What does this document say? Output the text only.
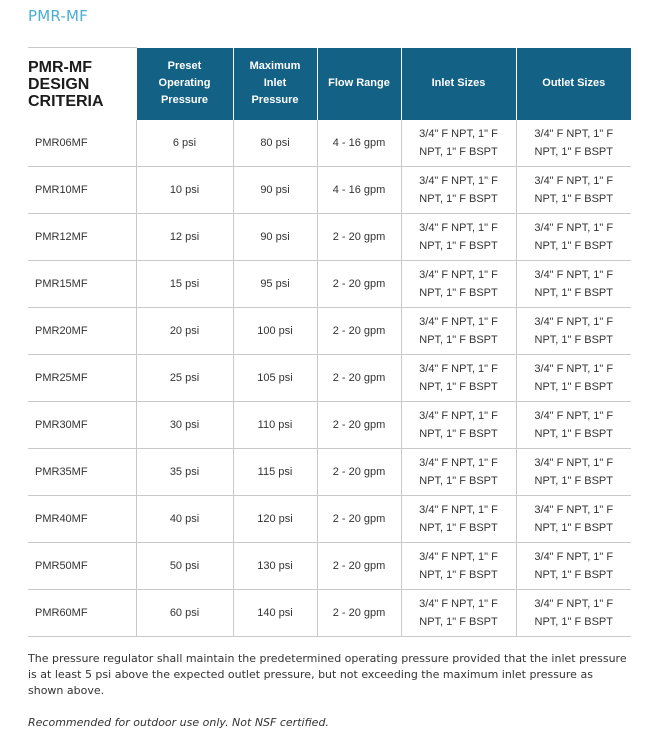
PMR-MF
PMR-MF
DESIGN
CRITERIA	Preset
Operating
Pressure	Maximum
Inlet
Pressure	Flow Range	Inlet Sizes	Outlet Sizes

PMR06MF	6 psi	80 psi	4 - 16 gpm	3/4" F NPT, 1" F
NPT, 1" F BSPT	3/4" F NPT, 1" F
NPT, 1" F BSPT

PMR10MF	10 psi	90 psi	4 - 16 gpm	3/4" F NPT, 1" F
NPT, 1" F BSPT	3/4" F NPT, 1" F
NPT, 1" F BSPT

PMR12MF	12 psi	90 psi	2 - 20 gpm	3/4" F NPT, 1" F
NPT, 1" F BSPT	3/4" F NPT, 1" F
NPT, 1" F BSPT

PMR15MF	15 psi	95 psi	2 - 20 gpm	3/4" F NPT, 1" F
NPT, 1" F BSPT	3/4" F NPT, 1" F
NPT, 1" F BSPT

PMR20MF	20 psi	100 psi	2 - 20 gpm	3/4" F NPT, 1" F
NPT, 1" F BSPT	3/4" F NPT, 1" F
NPT, 1" F BSPT

PMR25MF	25 psi	105 psi	2 - 20 gpm	3/4" F NPT, 1" F
NPT, 1" F BSPT	3/4" F NPT, 1" F
NPT, 1" F BSPT

PMR30MF	30 psi	110 psi	2 - 20 gpm	3/4" F NPT, 1" F
NPT, 1" F BSPT	3/4" F NPT, 1" F
NPT, 1" F BSPT

PMR35MF	35 psi	115 psi	2 - 20 gpm	3/4" F NPT, 1" F
NPT, 1" F BSPT	3/4" F NPT, 1" F
NPT, 1" F BSPT

PMR40MF	40 psi	120 psi	2 - 20 gpm	3/4" F NPT, 1" F
NPT, 1" F BSPT	3/4" F NPT, 1" F
NPT, 1" F BSPT

PMR50MF	50 psi	130 psi	2 - 20 gpm	3/4" F NPT, 1" F
NPT, 1" F BSPT	3/4" F NPT, 1" F
NPT, 1" F BSPT

PMR60MF	60 psi	140 psi	2 - 20 gpm	3/4" F NPT, 1" F
NPT, 1" F BSPT	3/4" F NPT, 1" F
NPT, 1" F BSPT

The pressure regulator shall maintain the predetermined operating pressure provided that the inlet pressure is at least 5 psi above the expected outlet pressure, but not exceeding the maximum inlet pressure as shown above.

Recommended for outdoor use only. Not NSF certified.
